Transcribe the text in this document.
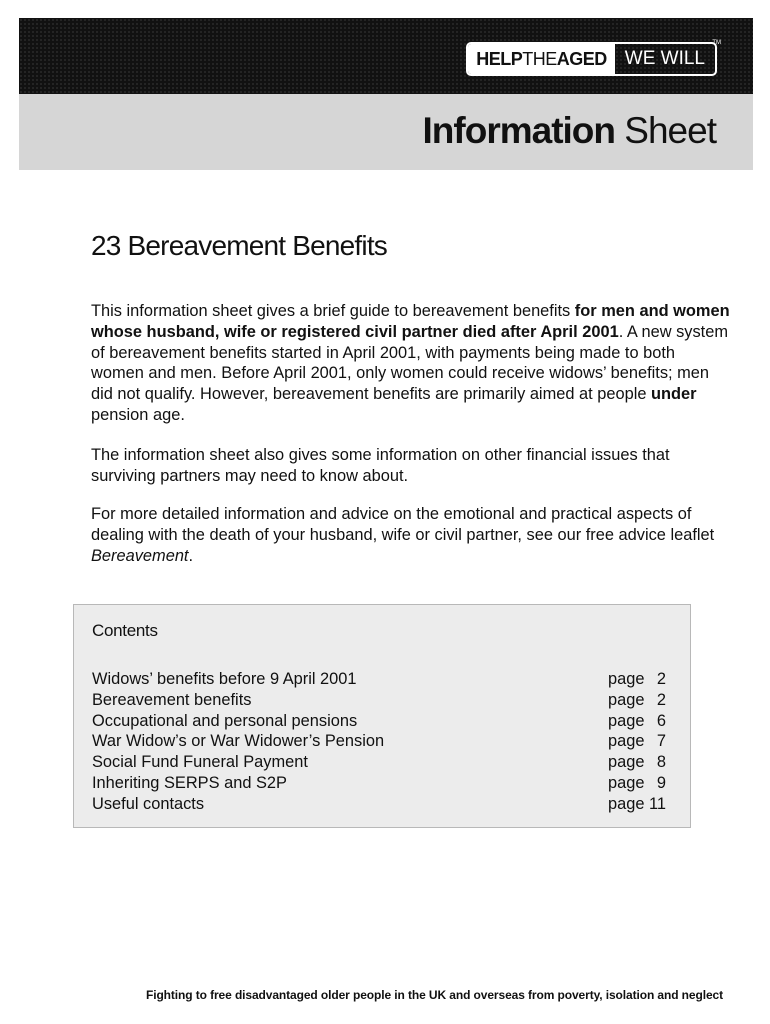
HELP THE AGED WE WILL
TM
Information Sheet
23 Bereavement Benefits

This information sheet gives a brief guide to bereavement benefits for men and women whose husband, wife or registered civil partner died after April 2001. A new system of bereavement benefits started in April 2001, with payments being made to both women and men. Before April 2001, only women could receive widows’ benefits; men did not qualify. However, bereavement benefits are primarily aimed at people under pension age.

The information sheet also gives some information on other financial issues that surviving partners may need to know about.

For more detailed information and advice on the emotional and practical aspects of dealing with the death of your husband, wife or civil partner, see our free advice leaflet Bereavement.

Contents
Widows’ benefits before 9 April 2001	page 2
Bereavement benefits	page 2
Occupational and personal pensions	page 6
War Widow’s or War Widower’s Pension	page 7
Social Fund Funeral Payment	page 8
Inheriting SERPS and S2P	page 9
Useful contacts	page 11
Fighting to free disadvantaged older people in the UK and overseas from poverty, isolation and neglect
